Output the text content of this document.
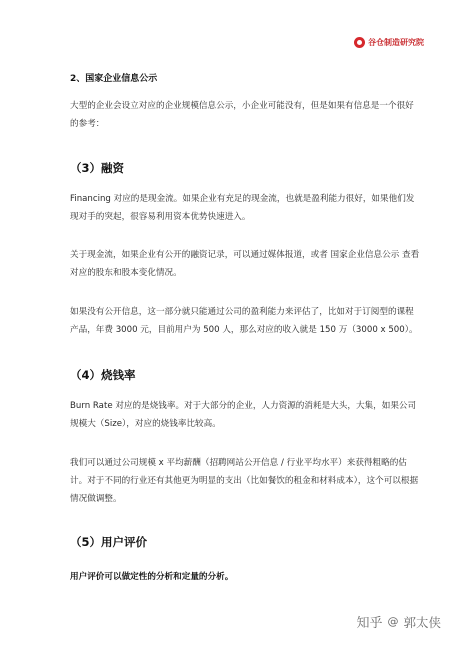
谷仓制造研究院
2、国家企业信息公示

大型的企业会设立对应的企业规模信息公示，小企业可能没有，但是如果有信息是一个很好的参考：

（3）融资

Financing 对应的是现金流。如果企业有充足的现金流，也就是盈利能力很好，如果他们发现对手的突起，很容易利用资本优势快速进入。

关于现金流，如果企业有公开的融资记录，可以通过媒体报道，或者 国家企业信息公示 查看对应的股东和股本变化情况。

如果没有公开信息，这一部分就只能通过公司的盈利能力来评估了，比如对于订阅型的课程产品，年费 3000 元，目前用户为 500 人，那么对应的收入就是 150 万（3000 x 500）。

（4）烧钱率

Burn Rate 对应的是烧钱率。对于大部分的企业，人力资源的消耗是大头，大集，如果公司规模大（Size），对应的烧钱率比较高。

我们可以通过公司规模 x 平均薪酬（招聘网站公开信息 / 行业平均水平）来获得粗略的估计。对于不同的行业还有其他更为明显的支出（比如餐饮的租金和材料成本），这个可以根据情况做调整。

（5）用户评价
用户评价可以做定性的分析和定量的分析。
知乎 @ 郭太侠
